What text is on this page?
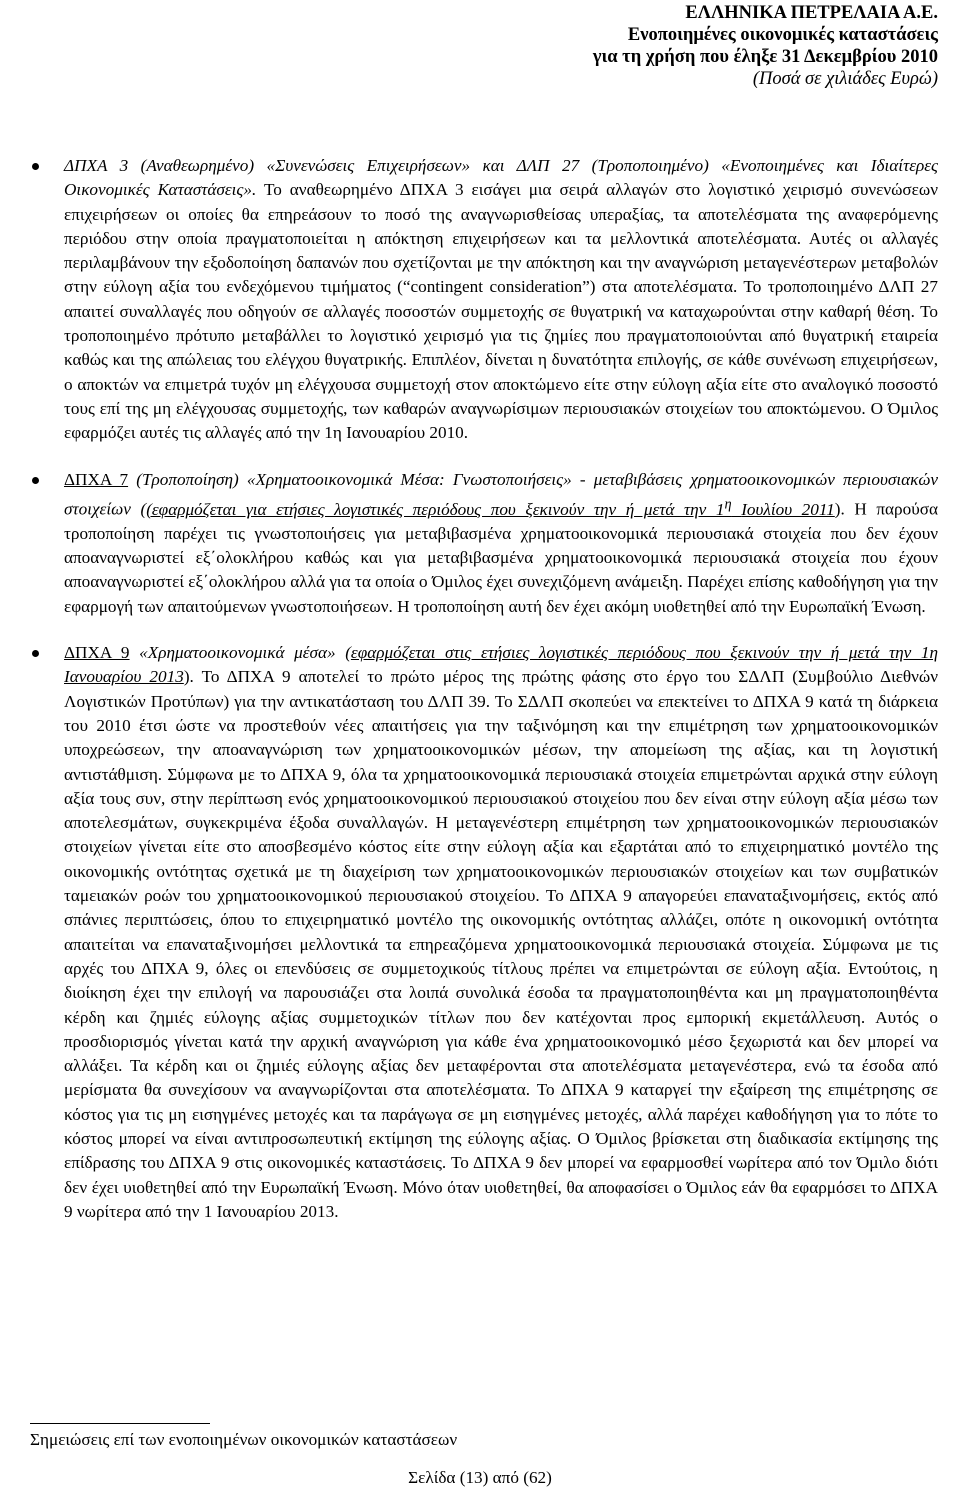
ΕΛΛΗΝΙΚΑ ΠΕΤΡΕΛΑΙΑ Α.Ε.
Ενοποιημένες οικονομικές καταστάσεις
για τη χρήση που έληξε 31 Δεκεμβρίου 2010
(Ποσά σε χιλιάδες Ευρώ)
ΔΠΧΑ 3 (Αναθεωρημένο) «Συνενώσεις Επιχειρήσεων» και ΔΛΠ 27 (Τροποποιημένο) «Ενοποιημένες και Ιδιαίτερες Οικονομικές Καταστάσεις». Το αναθεωρημένο ΔΠΧΑ 3 εισάγει μια σειρά αλλαγών στο λογιστικό χειρισμό συνενώσεων επιχειρήσεων οι οποίες θα επηρεάσουν το ποσό της αναγνωρισθείσας υπεραξίας, τα αποτελέσματα της αναφερόμενης περιόδου στην οποία πραγματοποιείται η απόκτηση επιχειρήσεων και τα μελλοντικά αποτελέσματα. Αυτές οι αλλαγές περιλαμβάνουν την εξοδοποίηση δαπανών που σχετίζονται με την απόκτηση και την αναγνώριση μεταγενέστερων μεταβολών στην εύλογη αξία του ενδεχόμενου τιμήματος (“contingent consideration”) στα αποτελέσματα. Το τροποποιημένο ΔΛΠ 27 απαιτεί συναλλαγές που οδηγούν σε αλλαγές ποσοστών συμμετοχής σε θυγατρική να καταχωρούνται στην καθαρή θέση. Το τροποποιημένο πρότυπο μεταβάλλει το λογιστικό χειρισμό για τις ζημίες που πραγματοποιούνται από θυγατρική εταιρεία καθώς και της απώλειας του ελέγχου θυγατρικής. Επιπλέον, δίνεται η δυνατότητα επιλογής, σε κάθε συνένωση επιχειρήσεων, ο αποκτών να επιμετρά τυχόν μη ελέγχουσα συμμετοχή στον αποκτώμενο είτε στην εύλογη αξία είτε στο αναλογικό ποσοστό τους επί της μη ελέγχουσας συμμετοχής, των καθαρών αναγνωρίσιμων περιουσιακών στοιχείων του αποκτώμενου. Ο Όμιλος εφαρμόζει αυτές τις αλλαγές από την 1η Ιανουαρίου 2010.
ΔΠΧΑ 7 (Τροποποίηση) «Χρηματοοικονομικά Μέσα: Γνωστοποιήσεις» - μεταβιβάσεις χρηματοοικονομικών περιουσιακών στοιχείων ((εφαρμόζεται για ετήσιες λογιστικές περιόδους που ξεκινούν την ή μετά την $1^\eta$ Ιουλίου 2011). Η παρούσα τροποποίηση παρέχει τις γνωστοποιήσεις για μεταβιβασμένα χρηματοοικονομικά περιουσιακά στοιχεία που δεν έχουν αποαναγνωριστεί εξ΄ολοκλήρου καθώς και για μεταβιβασμένα χρηματοοικονομικά περιουσιακά στοιχεία που έχουν αποαναγνωριστεί εξ΄ολοκλήρου αλλά για τα οποία ο Όμιλος έχει συνεχιζόμενη ανάμειξη. Παρέχει επίσης καθοδήγηση για την εφαρμογή των απαιτούμενων γνωστοποιήσεων. Η τροποποίηση αυτή δεν έχει ακόμη υιοθετηθεί από την Ευρωπαϊκή Ένωση.
ΔΠΧΑ 9 «Χρηματοοικονομικά μέσα» (εφαρμόζεται στις ετήσιες λογιστικές περιόδους που ξεκινούν την ή μετά την 1η Ιανουαρίου 2013). Το ΔΠΧΑ 9 αποτελεί το πρώτο μέρος της πρώτης φάσης στο έργο του ΣΔΛΠ (Συμβούλιο Διεθνών Λογιστικών Προτύπων) για την αντικατάσταση του ΔΛΠ 39. Το ΣΔΛΠ σκοπεύει να επεκτείνει το ΔΠΧΑ 9 κατά τη διάρκεια του 2010 έτσι ώστε να προστεθούν νέες απαιτήσεις για την ταξινόμηση και την επιμέτρηση των χρηματοοικονομικών υποχρεώσεων, την αποαναγνώριση των χρηματοοικονομικών μέσων, την απομείωση της αξίας, και τη λογιστική αντιστάθμιση. Σύμφωνα με το ΔΠΧΑ 9, όλα τα χρηματοοικονομικά περιουσιακά στοιχεία επιμετρώνται αρχικά στην εύλογη αξία τους συν, στην περίπτωση ενός χρηματοοικονομικού περιουσιακού στοιχείου που δεν είναι στην εύλογη αξία μέσω των αποτελεσμάτων, συγκεκριμένα έξοδα συναλλαγών. Η μεταγενέστερη επιμέτρηση των χρηματοοικονομικών περιουσιακών στοιχείων γίνεται είτε στο αποσβεσμένο κόστος είτε στην εύλογη αξία και εξαρτάται από το επιχειρηματικό μοντέλο της οικονομικής οντότητας σχετικά με τη διαχείριση των χρηματοοικονομικών περιουσιακών στοιχείων και των συμβατικών ταμειακών ροών του χρηματοοικονομικού περιουσιακού στοιχείου. Το ΔΠΧΑ 9 απαγορεύει επαναταξινομήσεις, εκτός από σπάνιες περιπτώσεις, όπου το επιχειρηματικό μοντέλο της οικονομικής οντότητας αλλάζει, οπότε η οικονομική οντότητα απαιτείται να επαναταξινομήσει μελλοντικά τα επηρεαζόμενα χρηματοοικονομικά περιουσιακά στοιχεία. Σύμφωνα με τις αρχές του ΔΠΧΑ 9, όλες οι επενδύσεις σε συμμετοχικούς τίτλους πρέπει να επιμετρώνται σε εύλογη αξία. Εντούτοις, η διοίκηση έχει την επιλογή να παρουσιάζει στα λοιπά συνολικά έσοδα τα πραγματοποιηθέντα και μη πραγματοποιηθέντα κέρδη και ζημιές εύλογης αξίας συμμετοχικών τίτλων που δεν κατέχονται προς εμπορική εκμετάλλευση. Αυτός ο προσδιορισμός γίνεται κατά την αρχική αναγνώριση για κάθε ένα χρηματοοικονομικό μέσο ξεχωριστά και δεν μπορεί να αλλάξει. Τα κέρδη και οι ζημιές εύλογης αξίας δεν μεταφέρονται στα αποτελέσματα μεταγενέστερα, ενώ τα έσοδα από μερίσματα θα συνεχίσουν να αναγνωρίζονται στα αποτελέσματα. Το ΔΠΧΑ 9 καταργεί την εξαίρεση της επιμέτρησης σε κόστος για τις μη εισηγμένες μετοχές και τα παράγωγα σε μη εισηγμένες μετοχές, αλλά παρέχει καθοδήγηση για το πότε το κόστος μπορεί να είναι αντιπροσωπευτική εκτίμηση της εύλογης αξίας. Ο Όμιλος βρίσκεται στη διαδικασία εκτίμησης της επίδρασης του ΔΠΧΑ 9 στις οικονομικές καταστάσεις. Το ΔΠΧΑ 9 δεν μπορεί να εφαρμοσθεί νωρίτερα από τον Όμιλο διότι δεν έχει υιοθετηθεί από την Ευρωπαϊκή Ένωση. Μόνο όταν υιοθετηθεί, θα αποφασίσει ο Όμιλος εάν θα εφαρμόσει το ΔΠΧΑ 9 νωρίτερα από την 1 Ιανουαρίου 2013.
Σημειώσεις επί των ενοποιημένων οικονομικών καταστάσεων
Σελίδα (13) από (62)
